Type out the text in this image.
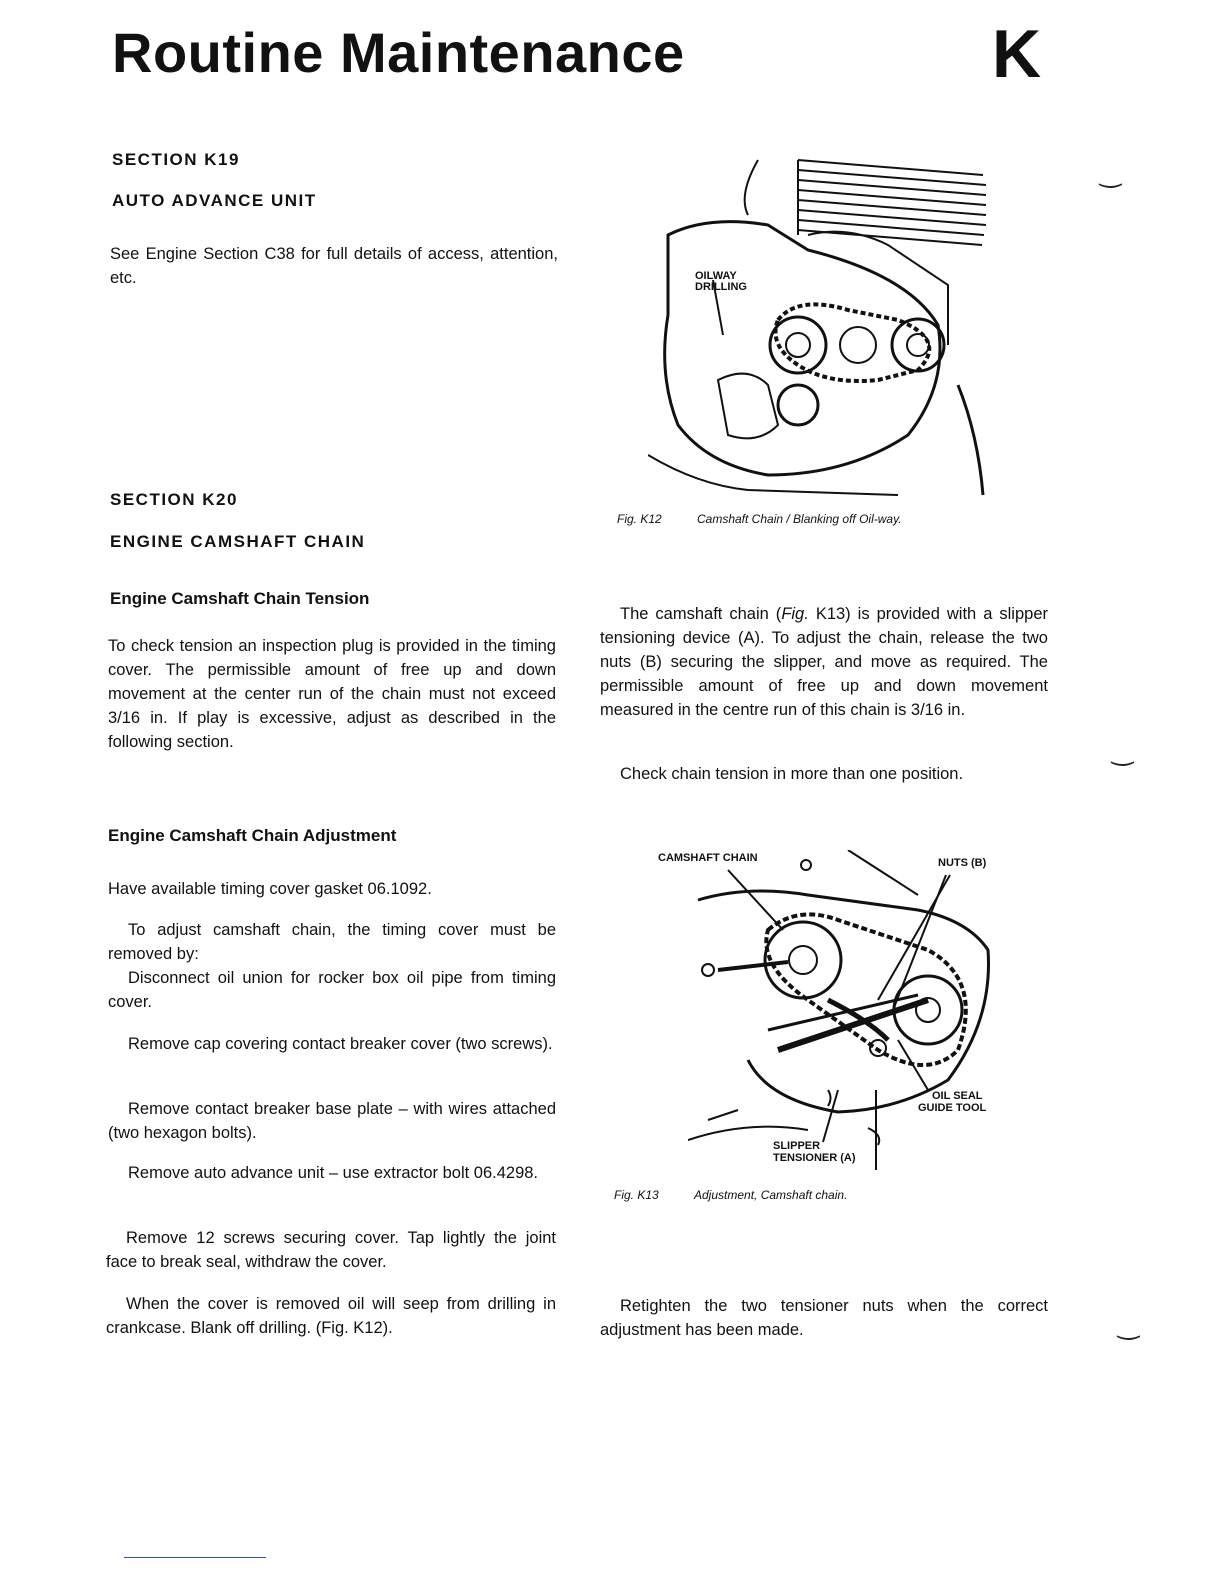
Routine Maintenance	K
SECTION K19
AUTO ADVANCE UNIT

See Engine Section C38 for full details of access, attention, etc.

SECTION K20
ENGINE CAMSHAFT CHAIN
Engine Camshaft Chain Tension

To check tension an inspection plug is provided in the timing cover. The permissible amount of free up and down movement at the center run of the chain must not exceed 3/16 in. If play is excessive, adjust as described in the following section.

Engine Camshaft Chain Adjustment

Have available timing cover gasket 06.1092.

To adjust camshaft chain, the timing cover must be removed by:

Disconnect oil union for rocker box oil pipe from timing cover.

Remove cap covering contact breaker cover (two screws).

Remove contact breaker base plate – with wires attached (two hexagon bolts).

Remove auto advance unit – use extractor bolt 06.4298.

Remove 12 screws securing cover. Tap lightly the joint face to break seal, withdraw the cover.

When the cover is removed oil will seep from drilling in crankcase. Blank off drilling. (Fig. K12).

OILWAY
DRILLING
Fig. K12	Camshaft Chain / Blanking off Oil-way.

The camshaft chain (Fig. K13) is provided with a slipper tensioning device (A). To adjust the chain, release the two nuts (B) securing the slipper, and move as required. The permissible amount of free up and down movement measured in the centre run of this chain is 3/16 in.

Check chain tension in more than one position.

CAMSHAFT CHAIN	NUTS (B)
OIL SEAL
GUIDE TOOL
SLIPPER
TENSIONER (A)
Fig. K13	Adjustment, Camshaft chain.

Retighten the two tensioner nuts when the correct adjustment has been made.

‿
‿
‿
